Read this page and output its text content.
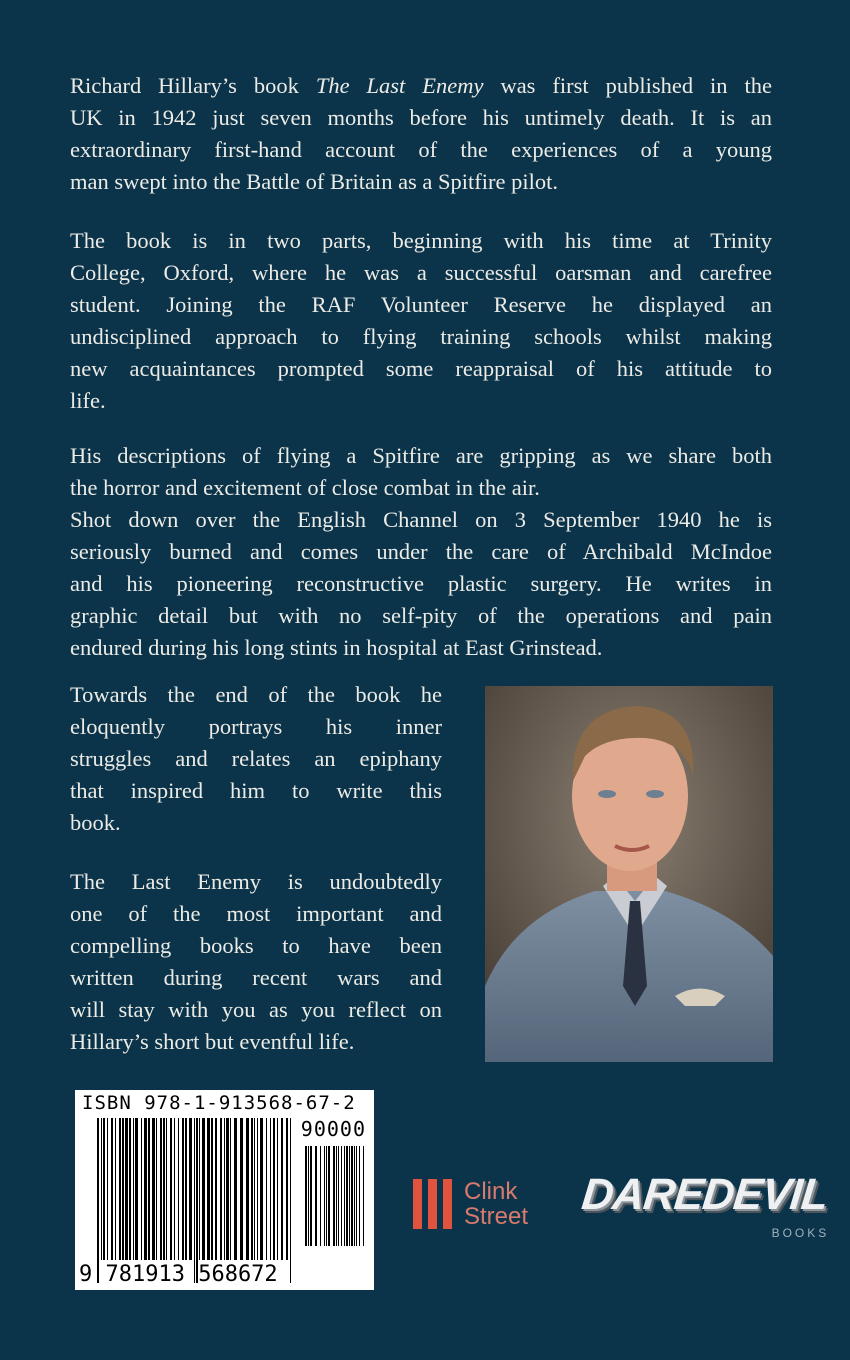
Richard Hillary’s book The Last Enemy was first published in the
UK in 1942 just seven months before his untimely death. It is an
extraordinary first-hand account of the experiences of a young
man swept into the Battle of Britain as a Spitfire pilot.
The book is in two parts, beginning with his time at Trinity
College, Oxford, where he was a successful oarsman and carefree
student. Joining the RAF Volunteer Reserve he displayed an
undisciplined approach to flying training schools whilst making
new acquaintances prompted some reappraisal of his attitude to
life.
His descriptions of flying a Spitfire are gripping as we share both
the horror and excitement of close combat in the air.
Shot down over the English Channel on 3 September 1940 he is
seriously burned and comes under the care of Archibald McIndoe
and his pioneering reconstructive plastic surgery. He writes in
graphic detail but with no self-pity of the operations and pain
endured during his long stints in hospital at East Grinstead.
Towards the end of the book he
eloquently portrays his inner
struggles and relates an epiphany
that inspired him to write this
book.
The Last Enemy is undoubtedly
one of the most important and
compelling books to have been
written during recent wars and
will stay with you as you reflect on
Hillary’s short but eventful life.
ISBN 978-1-913568-67-2
90000
9 781913 568672
Clink
Street DAREDEVIL
BOOKS
